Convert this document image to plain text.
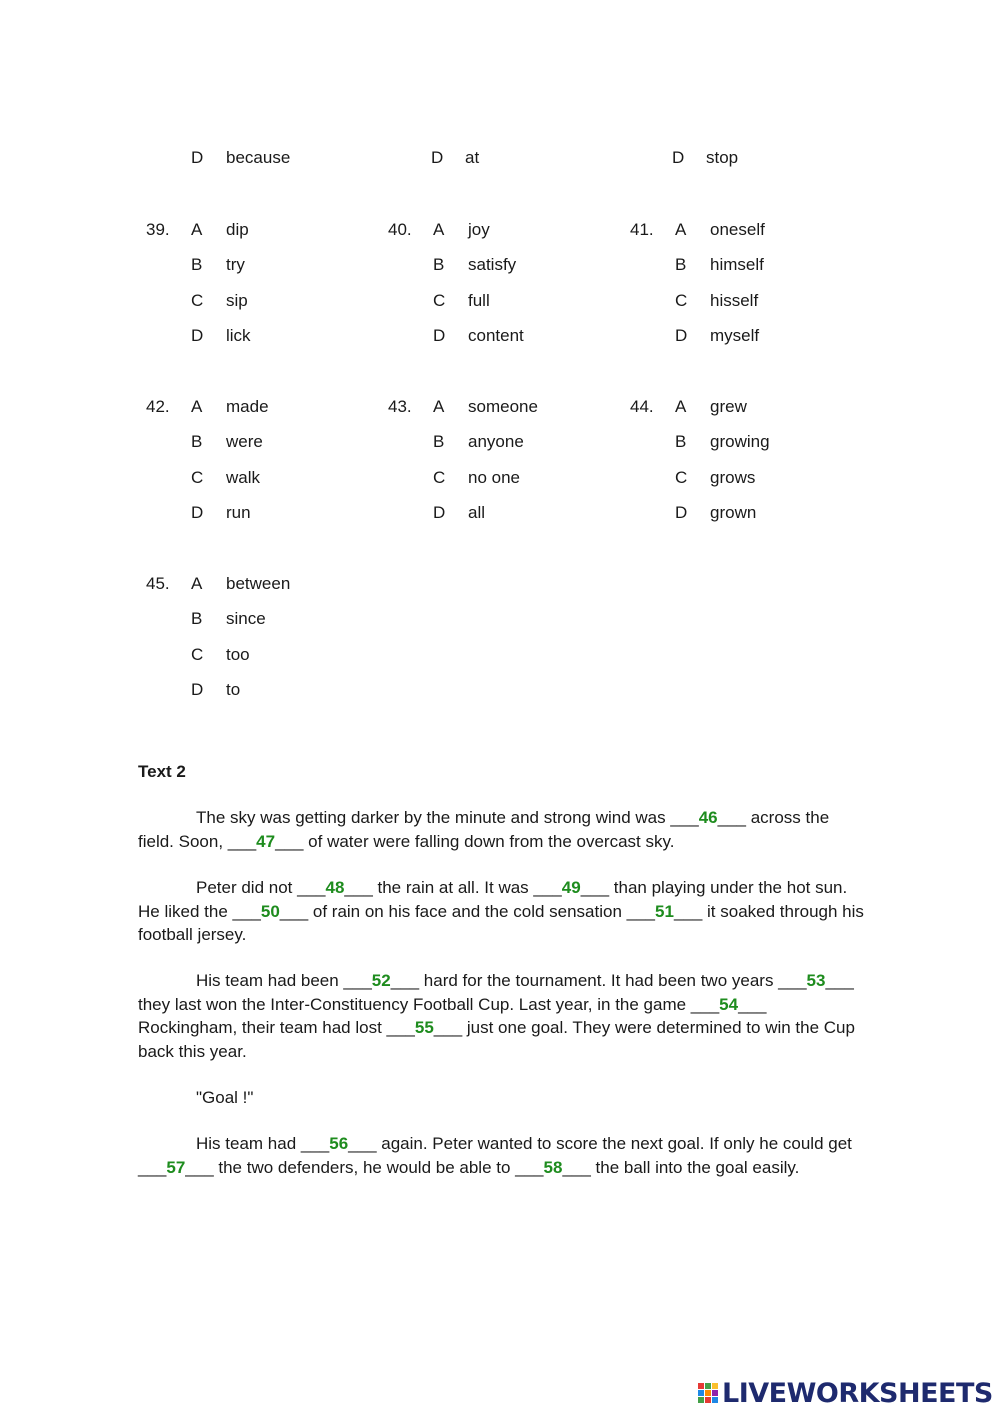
D because	D at	D stop
39. A dip
B try
C sip
D lick
40. A joy
B satisfy
C full
D content
41. A oneself
B himself
C hisself
D myself
42. A made
B were
C walk
D run
43. A someone
B anyone
C no one
D all
44. A grew
B growing
C grows
D grown
45. A between
B since
C too
D to
Text 2
The sky was getting darker by the minute and strong wind was ___46___ across the field. Soon, ___47___ of water were falling down from the overcast sky.
Peter did not ___48___ the rain at all. It was ___49___ than playing under the hot sun. He liked the ___50___ of rain on his face and the cold sensation ___51___ it soaked through his football jersey.
His team had been ___52___ hard for the tournament. It had been two years ___53___ they last won the Inter-Constituency Football Cup. Last year, in the game ___54___ Rockingham, their team had lost ___55___ just one goal. They were determined to win the Cup back this year.
"Goal !"
His team had ___56___ again. Peter wanted to score the next goal. If only he could get ___57___ the two defenders, he would be able to ___58___ the ball into the goal easily.
LIVEWORKSHEETS
